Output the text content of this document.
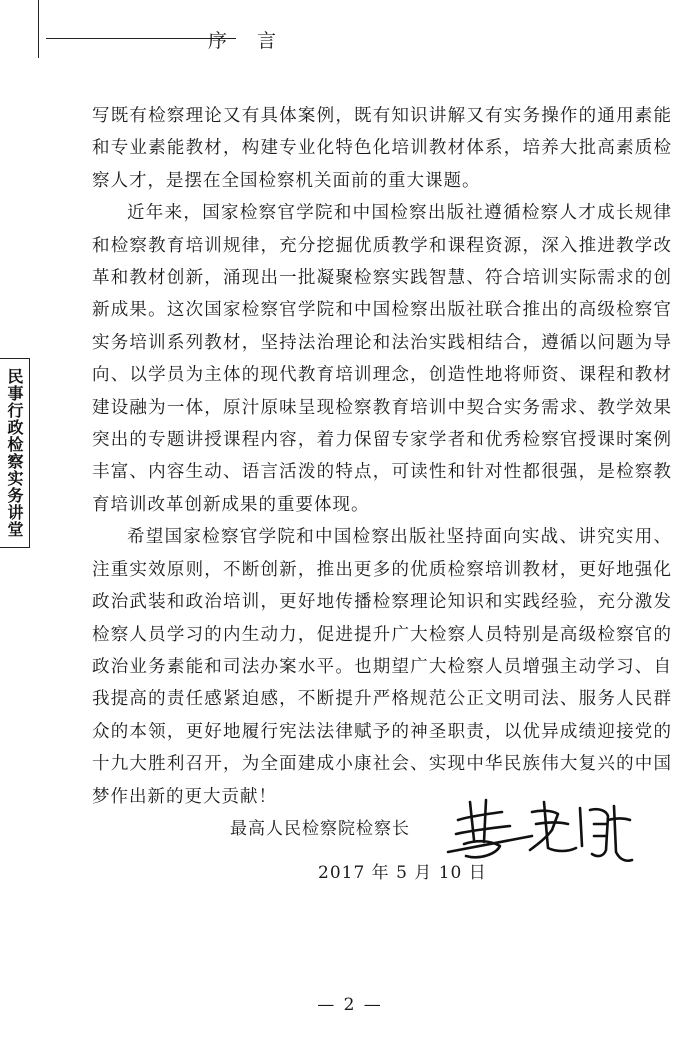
序 言
民事行政检察实务讲堂

写既有检察理论又有具体案例，既有知识讲解又有实务操作的通用素能和专业素能教材，构建专业化特色化培训教材体系，培养大批高素质检察人才，是摆在全国检察机关面前的重大课题。

近年来，国家检察官学院和中国检察出版社遵循检察人才成长规律和检察教育培训规律，充分挖掘优质教学和课程资源，深入推进教学改革和教材创新，涌现出一批凝聚检察实践智慧、符合培训实际需求的创新成果。这次国家检察官学院和中国检察出版社联合推出的高级检察官实务培训系列教材，坚持法治理论和法治实践相结合，遵循以问题为导向、以学员为主体的现代教育培训理念，创造性地将师资、课程和教材建设融为一体，原汁原味呈现检察教育培训中契合实务需求、教学效果突出的专题讲授课程内容，着力保留专家学者和优秀检察官授课时案例丰富、内容生动、语言活泼的特点，可读性和针对性都很强，是检察教育培训改革创新成果的重要体现。

希望国家检察官学院和中国检察出版社坚持面向实战、讲究实用、注重实效原则，不断创新，推出更多的优质检察培训教材，更好地强化政治武装和政治培训，更好地传播检察理论知识和实践经验，充分激发检察人员学习的内生动力，促进提升广大检察人员特别是高级检察官的政治业务素能和司法办案水平。也期望广大检察人员增强主动学习、自我提高的责任感紧迫感，不断提升严格规范公正文明司法、服务人民群众的本领，更好地履行宪法法律赋予的神圣职责，以优异成绩迎接党的十九大胜利召开，为全面建成小康社会、实现中华民族伟大复兴的中国梦作出新的更大贡献！

最高人民检察院检察长
2017 年 5 月 10 日
— 2 —
